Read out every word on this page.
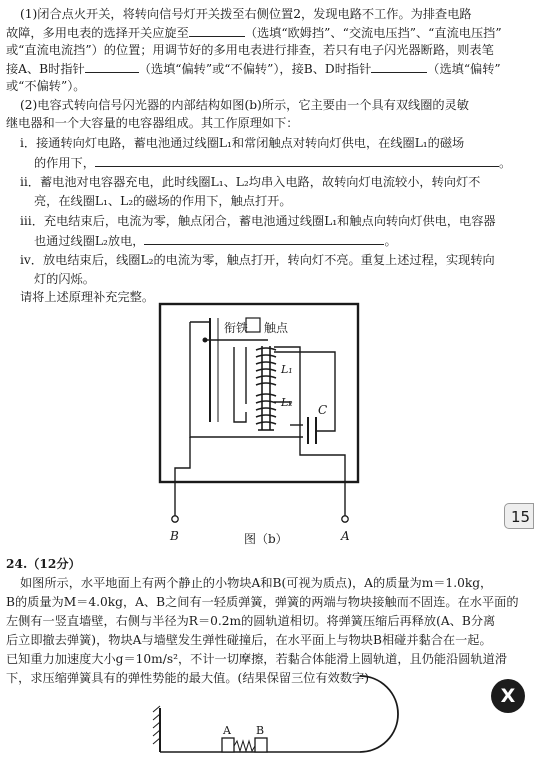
(1)闭合点火开关，将转向信号灯开关拨至右侧位置2，发现电路不工作。为排查电路
故障，多用电表的选择开关应旋至	（选填“欧姆挡”、“交流电压挡”、“直流电压挡”
或“直流电流挡”）的位置；用调节好的多用电表进行排查，若只有电子闪光器断路，则表笔
接A、B时指针	（选填“偏转”或“不偏转”），接B、D时指针	（选填“偏转”
或“不偏转”）。
(2)电容式转向信号闪光器的内部结构如图(b)所示，它主要由一个具有双线圈的灵敏
继电器和一个大容量的电容器组成。其工作原理如下：
ⅰ．接通转向灯电路，蓄电池通过线圈L₁和常闭触点对转向灯供电，在线圈L₁的磁场
的作用下，	。
ⅱ．蓄电池对电容器充电，此时线圈L₁、L₂均串入电路，故转向灯电流较小，转向灯不
亮，在线圈L₁、L₂的磁场的作用下，触点打开。
ⅲ．充电结束后，电流为零，触点闭合，蓄电池通过线圈L₁和触点向转向灯供电，电容器
也通过线圈L₂放电，	。
ⅳ．放电结束后，线圈L₂的电流为零，触点打开，转向灯不亮。重复上述过程，实现转向
灯的闪烁。
请将上述原理补充完整。
衔铁 触点
L₁
L₂
C
B	A
图（b）
24.（12分）
如图所示，水平地面上有两个静止的小物块A和B(可视为质点)，A的质量为m＝1.0kg，
B的质量为M＝4.0kg，A、B之间有一轻质弹簧，弹簧的两端与物块接触而不固连。在水平面的
左侧有一竖直墙壁，右侧与半径为R＝0.2m的圆轨道相切。将弹簧压缩后再释放(A、B分离
后立即撤去弹簧)，物块A与墙壁发生弹性碰撞后，在水平面上与物块B相碰并黏合在一起。
已知重力加速度大小g＝10m/s²，不计一切摩擦，若黏合体能滑上圆轨道，且仍能沿圆轨道滑
下，求压缩弹簧具有的弹性势能的最大值。(结果保留三位有效数字)
A B
15
X
